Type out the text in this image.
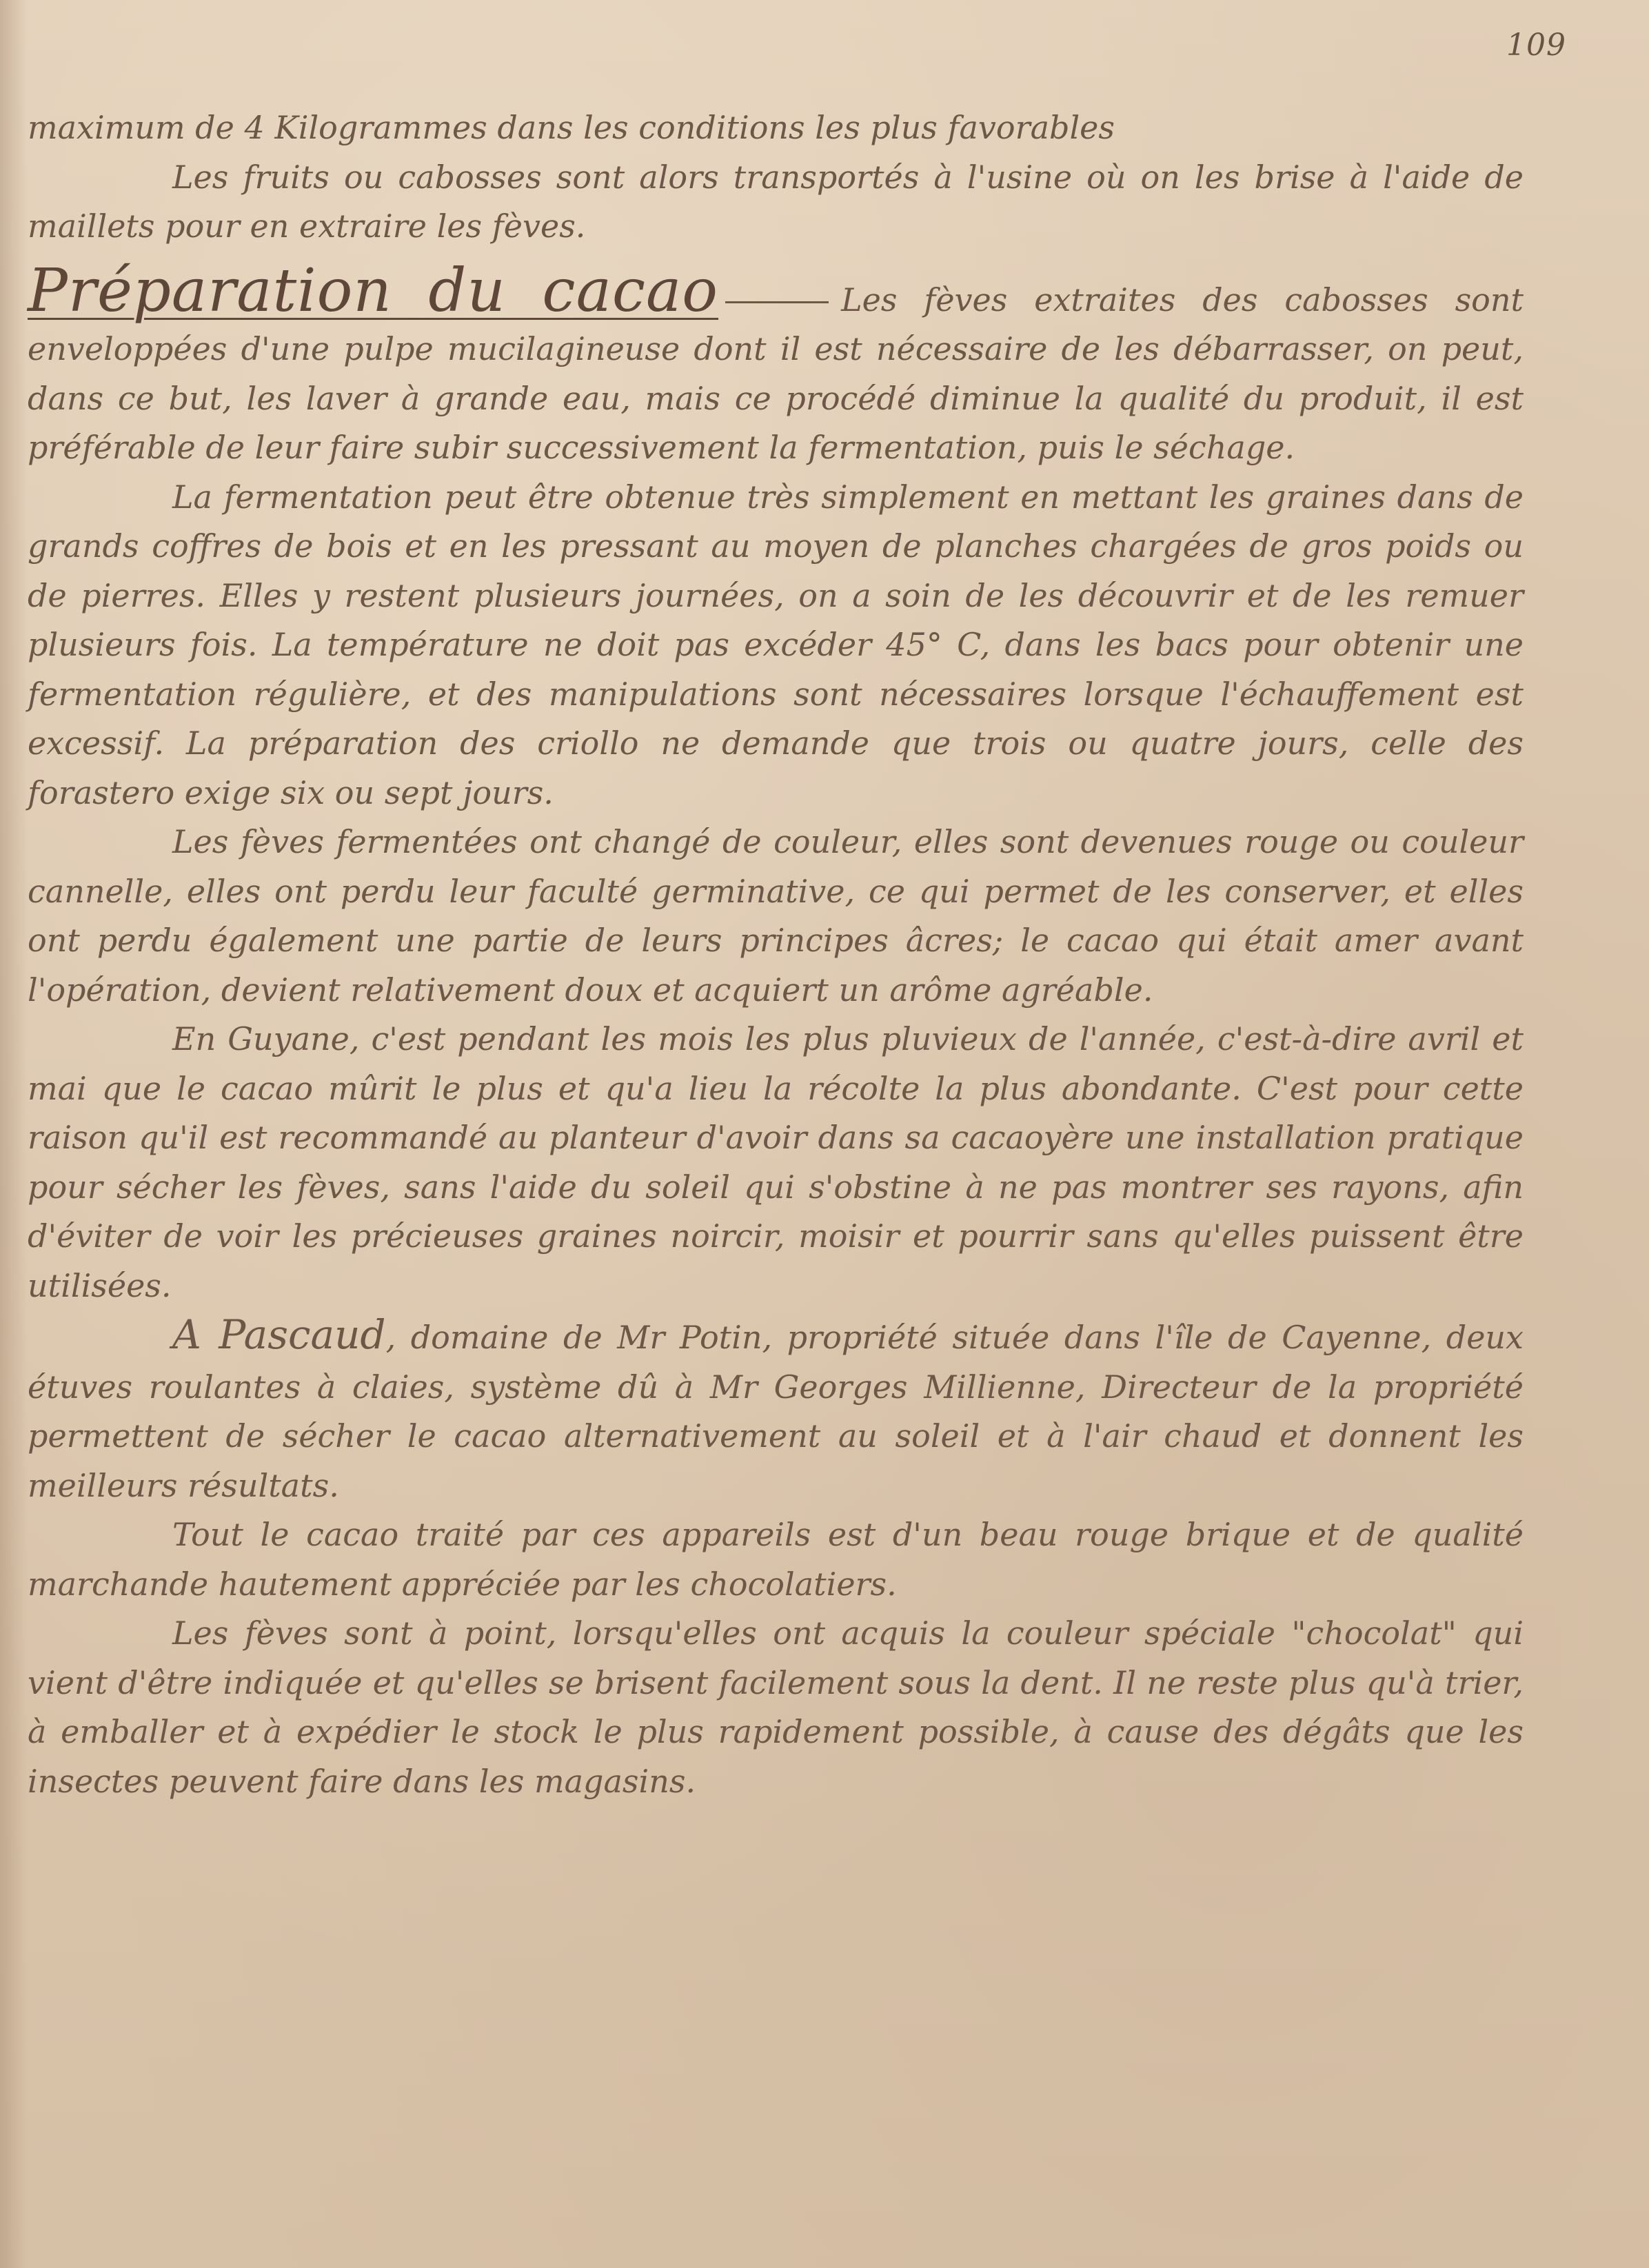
109

maximum de 4 Kilogrammes dans les conditions les plus favorables

Les fruits ou cabosses sont alors transportés à l'usine où on les brise à l'aide de maillets pour en extraire les fèves.

Préparation du cacao	Les fèves extraites des cabosses sont enveloppées d'une pulpe mucilagineuse dont il est nécessaire de les débarrasser, on peut, dans ce but, les laver à grande eau, mais ce procédé diminue la qualité du produit, il est préférable de leur faire subir successivement la fermentation, puis le séchage.

La fermentation peut être obtenue très simplement en mettant les graines dans de grands coffres de bois et en les pressant au moyen de planches chargées de gros poids ou de pierres. Elles y restent plusieurs journées, on a soin de les découvrir et de les remuer plusieurs fois. La température ne doit pas excéder 45° C, dans les bacs pour obtenir une fermentation régulière, et des manipulations sont nécessaires lorsque l'échauffement est excessif. La préparation des criollo ne demande que trois ou quatre jours, celle des forastero exige six ou sept jours.

Les fèves fermentées ont changé de couleur, elles sont devenues rouge ou couleur cannelle, elles ont perdu leur faculté germinative, ce qui permet de les conserver, et elles ont perdu également une partie de leurs principes âcres; le cacao qui était amer avant l'opération, devient relativement doux et acquiert un arôme agréable.

En Guyane, c'est pendant les mois les plus pluvieux de l'année, c'est-à-dire avril et mai que le cacao mûrit le plus et qu'a lieu la récolte la plus abondante. C'est pour cette raison qu'il est recommandé au planteur d'avoir dans sa cacaoyère une installation pratique pour sécher les fèves, sans l'aide du soleil qui s'obstine à ne pas montrer ses rayons, afin d'éviter de voir les précieuses graines noircir, moisir et pourrir sans qu'elles puissent être utilisées.

A Pascaud, domaine de Mr Potin, propriété située dans l'île de Cayenne, deux étuves roulantes à claies, système dû à Mr Georges Millienne, Directeur de la propriété permettent de sécher le cacao alternativement au soleil et à l'air chaud et donnent les meilleurs résultats.

Tout le cacao traité par ces appareils est d'un beau rouge brique et de qualité marchande hautement appréciée par les chocolatiers.

Les fèves sont à point, lorsqu'elles ont acquis la couleur spéciale "chocolat" qui vient d'être indiquée et qu'elles se brisent facilement sous la dent. Il ne reste plus qu'à trier, à emballer et à expédier le stock le plus rapidement possible, à cause des dégâts que les insectes peuvent faire dans les magasins.
